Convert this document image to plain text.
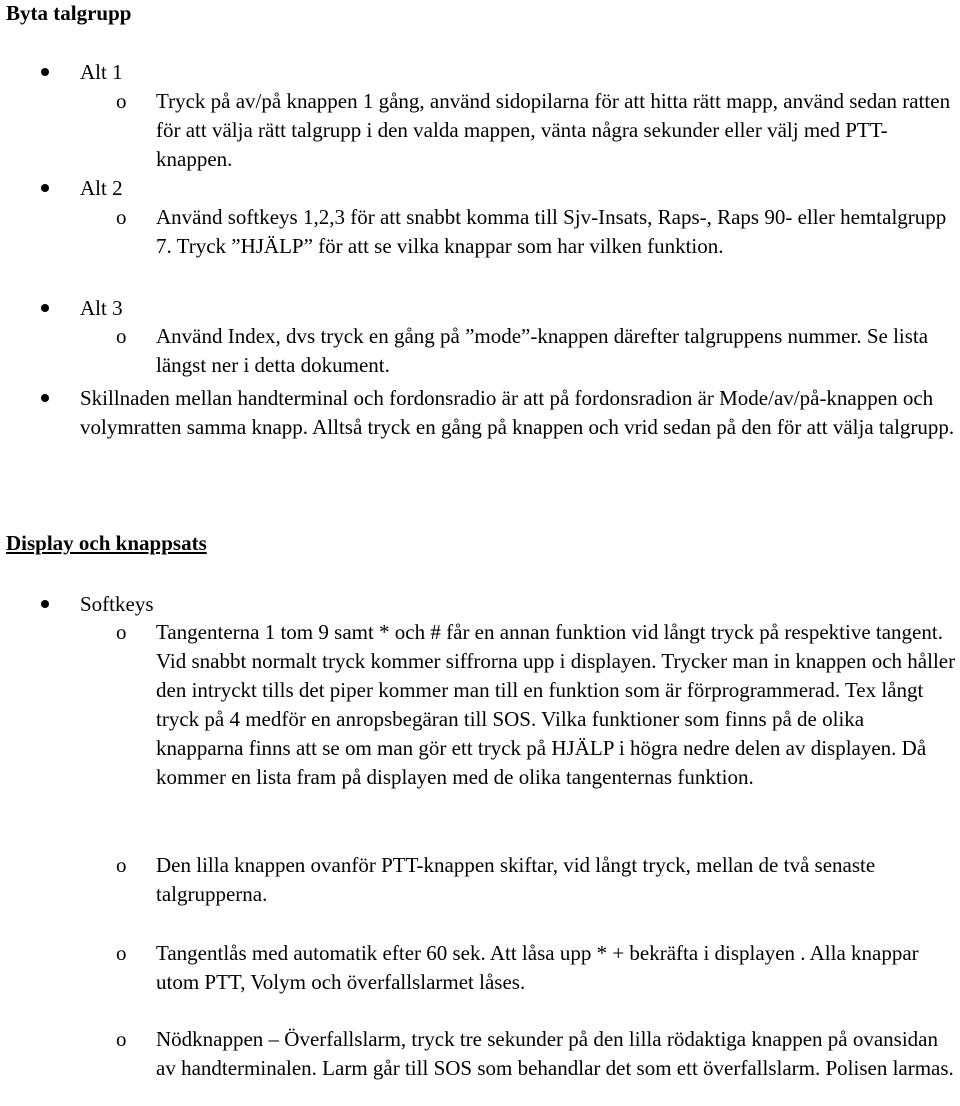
Byta talgrupp
Alt 1
o Tryck på av/på knappen 1 gång, använd sidopilarna för att hitta rätt mapp, använd sedan ratten för att välja rätt talgrupp i den valda mappen, vänta några sekunder eller välj med PTT-knappen.

Alt 2
o Använd softkeys 1,2,3 för att snabbt komma till Sjv-Insats, Raps-, Raps 90- eller hemtalgrupp 7. Tryck ”HJÄLP” för att se vilka knappar som har vilken funktion.

Alt 3
o Använd Index, dvs tryck en gång på ”mode”-knappen därefter talgruppens nummer. Se lista längst ner i detta dokument.

Skillnaden mellan handterminal och fordonsradio är att på fordonsradion är Mode/av/på-knappen och volymratten samma knapp. Alltså tryck en gång på knappen och vrid sedan på den för att välja talgrupp.

Display och knappsats
Softkeys
o Tangenterna 1 tom 9 samt * och # får en annan funktion vid långt tryck på respektive tangent. Vid snabbt normalt tryck kommer siffrorna upp i displayen. Trycker man in knappen och håller den intryckt tills det piper kommer man till en funktion som är förprogrammerad. Tex långt tryck på 4 medför en anropsbegäran till SOS. Vilka funktioner som finns på de olika knapparna finns att se om man gör ett tryck på HJÄLP i högra nedre delen av displayen. Då kommer en lista fram på displayen med de olika tangenternas funktion.

o Den lilla knappen ovanför PTT-knappen skiftar, vid långt tryck, mellan de två senaste talgrupperna.

o Tangentlås med automatik efter 60 sek. Att låsa upp * + bekräfta i displayen . Alla knappar utom PTT, Volym och överfallslarmet låses.

o Nödknappen – Överfallslarm, tryck tre sekunder på den lilla rödaktiga knappen på ovansidan av handterminalen. Larm går till SOS som behandlar det som ett överfallslarm. Polisen larmas.
